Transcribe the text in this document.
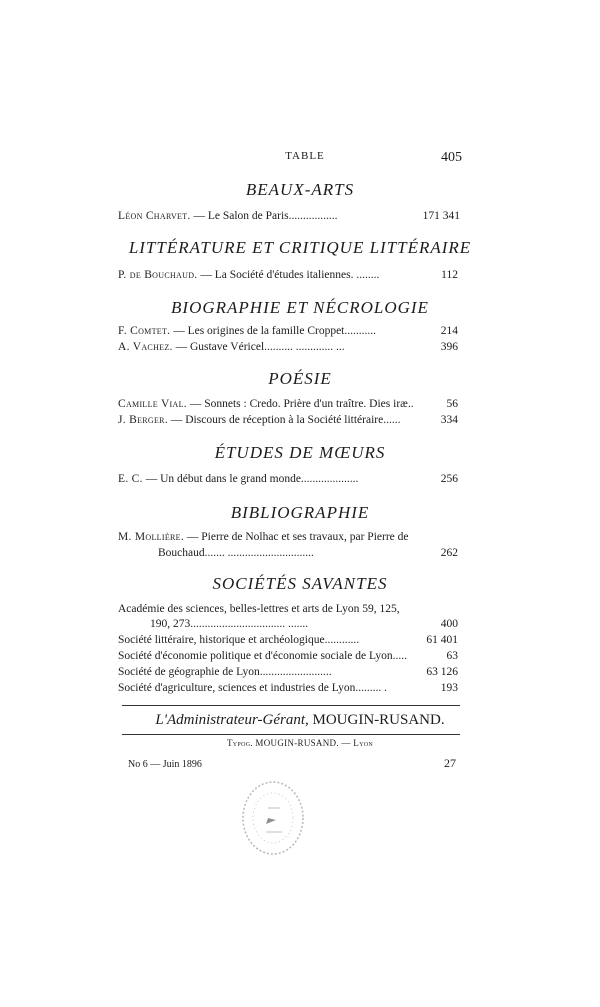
TABLE	405
BEAUX-ARTS
Léon Charvet. — Le Salon de Paris.................	171 341
LITTÉRATURE ET CRITIQUE LITTÉRAIRE
P. de Bouchaud. — La Société d'études italiennes. ........	112
BIOGRAPHIE ET NÉCROLOGIE
F. Comtet. — Les origines de la famille Croppet...........	214
A. Vachez. — Gustave Véricel.......... ............. ...	396
POÉSIE
Camille Vial. — Sonnets : Credo. Prière d'un traître. Dies iræ..	56
J. Berger. — Discours de réception à la Société littéraire......	334
ÉTUDES DE MŒURS
E. C. — Un début dans le grand monde....................	256
BIBLIOGRAPHIE
M. Mollière. — Pierre de Nolhac et ses travaux, par Pierre de
Bouchaud....... ..............................	262
SOCIÉTÉS SAVANTES
Académie des sciences, belles-lettres et arts de Lyon 59, 125,
190, 273................................. .......	400
Société littéraire, historique et archéologique............	61 401
Société d'économie politique et d'économie sociale de Lyon.....	63
Société de géographie de Lyon.........................	63 126
Société d'agriculture, sciences et industries de Lyon......... .	193
L'Administrateur-Gérant, MOUGIN-RUSAND.
Typog. MOUGIN-RUSAND. — Lyon
No 6 — Juin 1896	27
